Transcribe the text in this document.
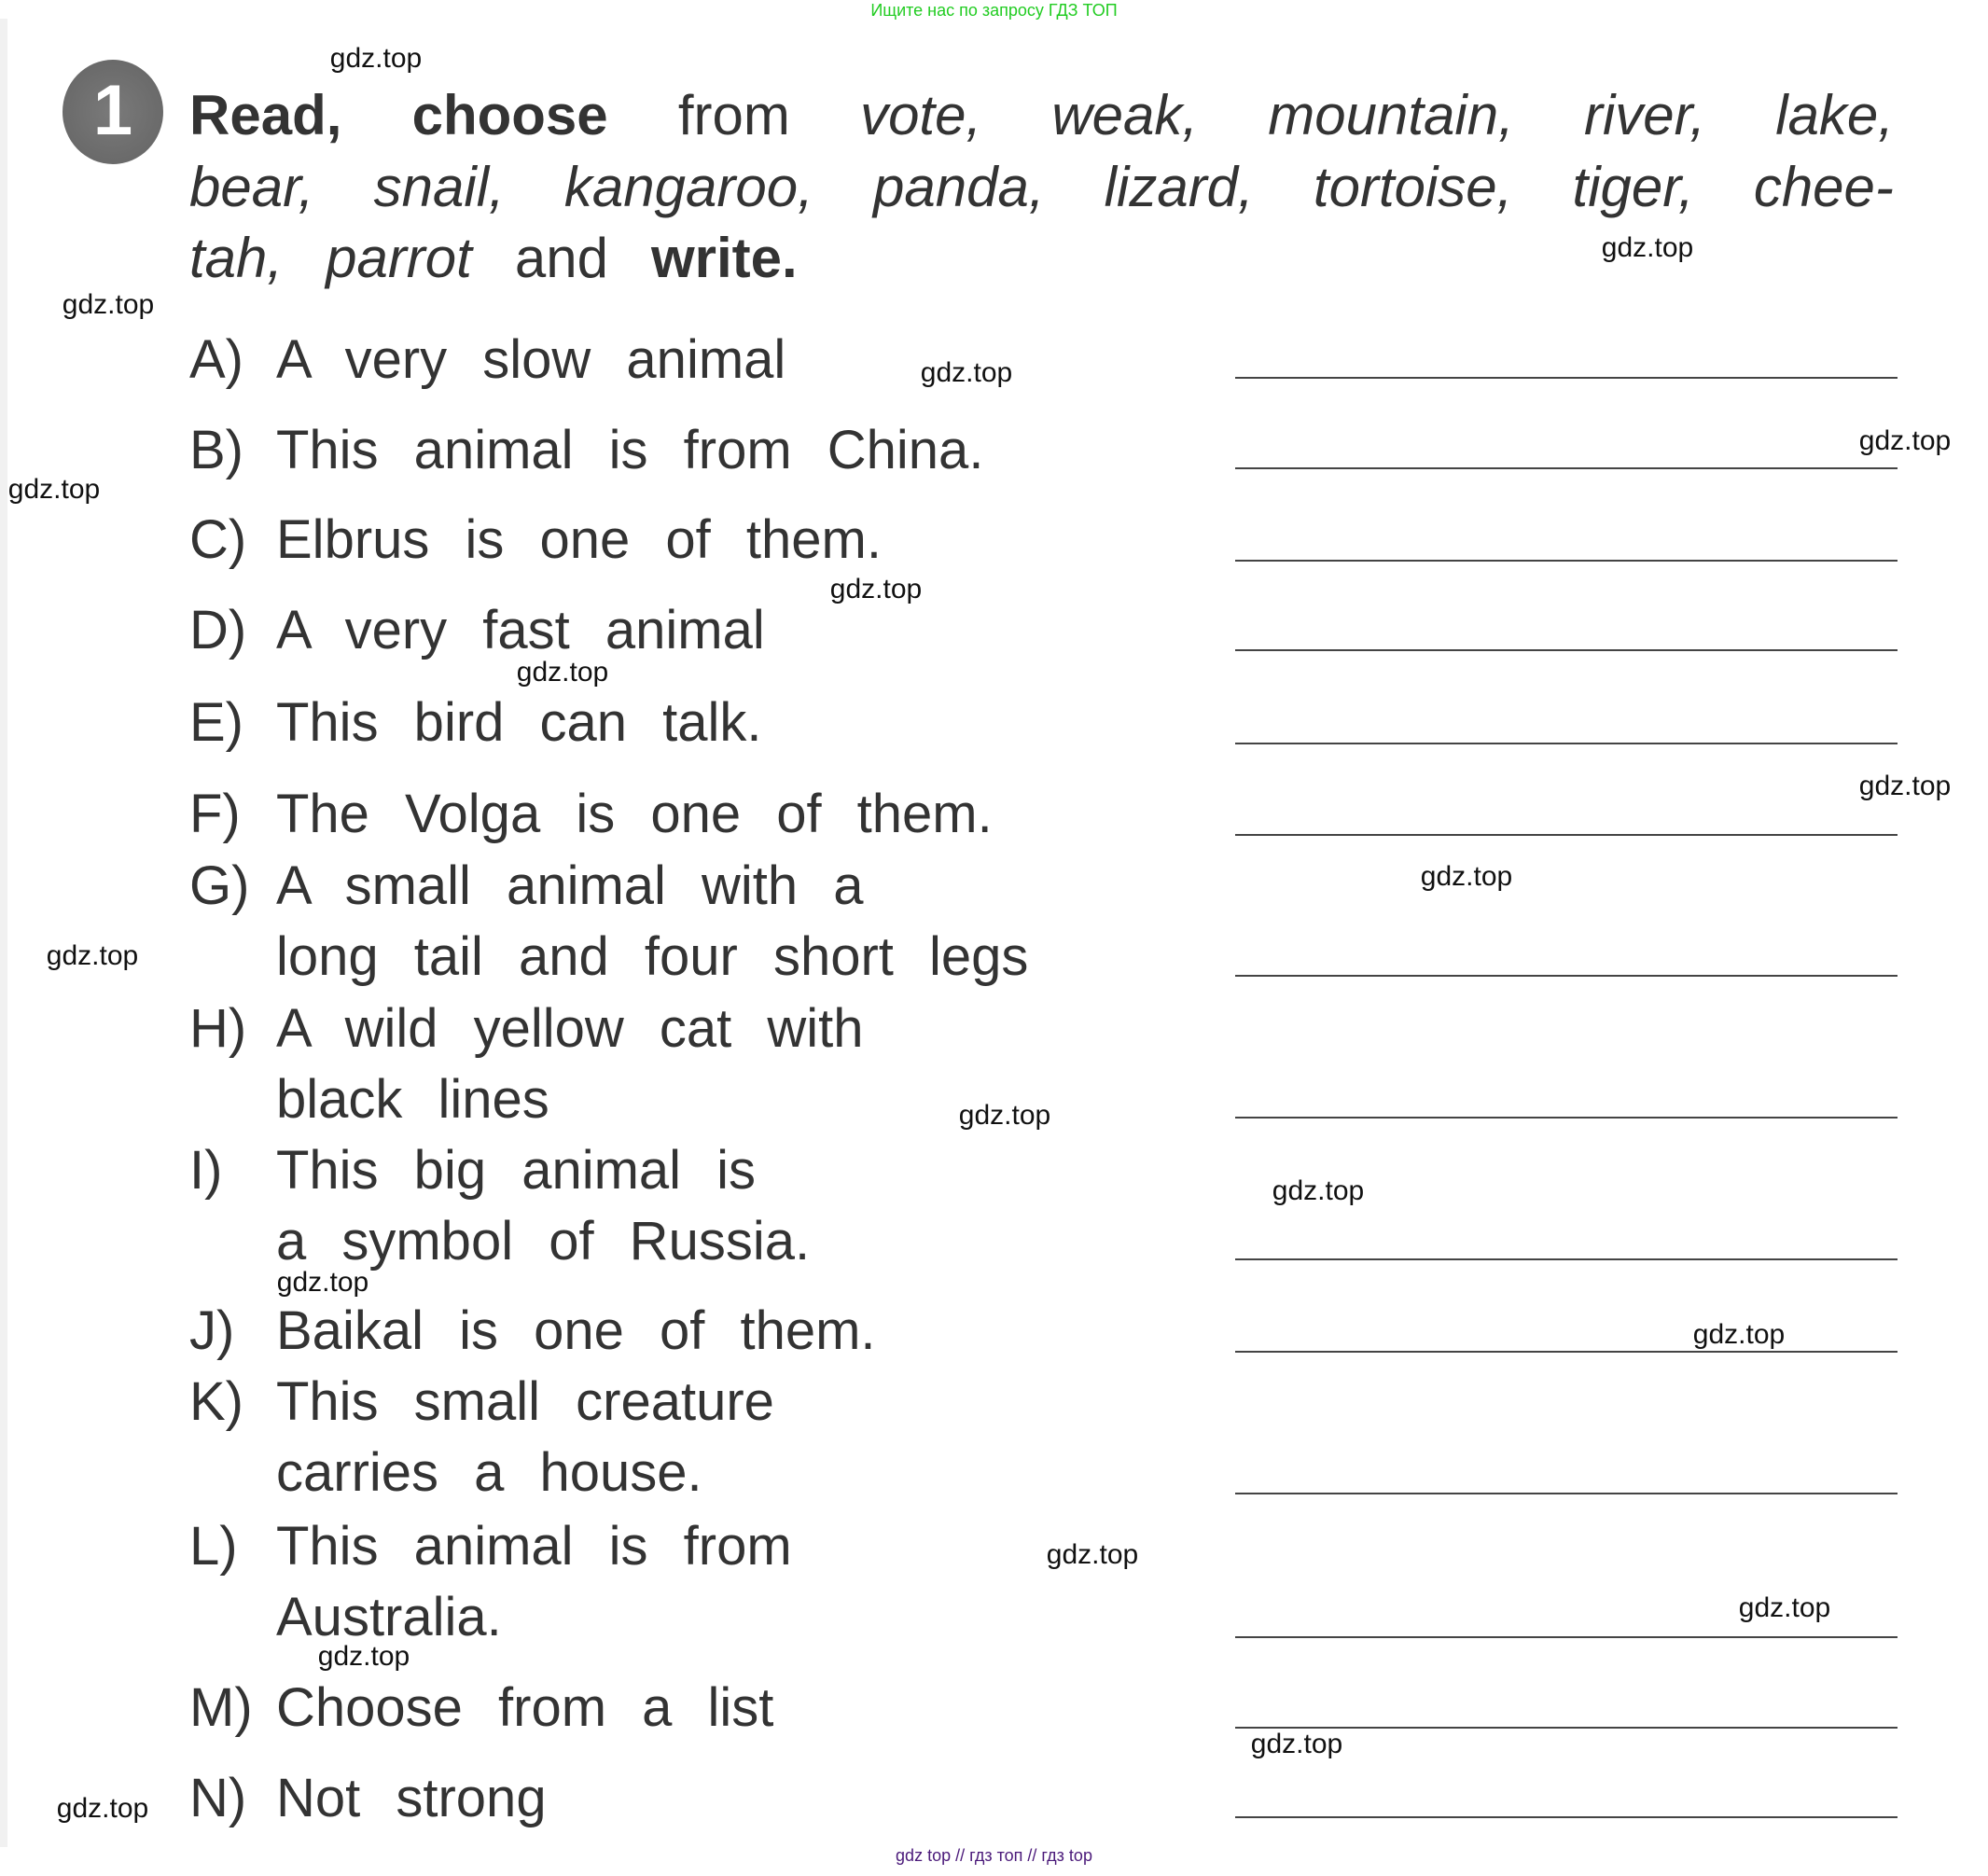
Ищите нас по запросу ГДЗ ТОП
1	Read, choose from vote, weak, mountain, river, lake,
bear, snail, kangaroo, panda, lizard, tortoise, tiger, chee-
tah, parrot and write.
A) A very slow animal
B) This animal is from China.
C) Elbrus is one of them.
D) A very fast animal
E) This bird can talk.
F) The Volga is one of them.
G) A small animal with a
long tail and four short legs
H) A wild yellow cat with
black lines
I) This big animal is
a symbol of Russia.
J) Baikal is one of them.
K) This small creature
carries a house.
L) This animal is from
Australia.
M) Choose from a list
N) Not strong
gdz.top
gdz.top
gdz.top
gdz.top
gdz.top
gdz.top
gdz.top
gdz.top
gdz.top
gdz.top
gdz.top
gdz.top
gdz.top
gdz.top
gdz.top
gdz.top
gdz.top
gdz.top
gdz.top
gdz.top
gdz top // гдз топ // гдз top
